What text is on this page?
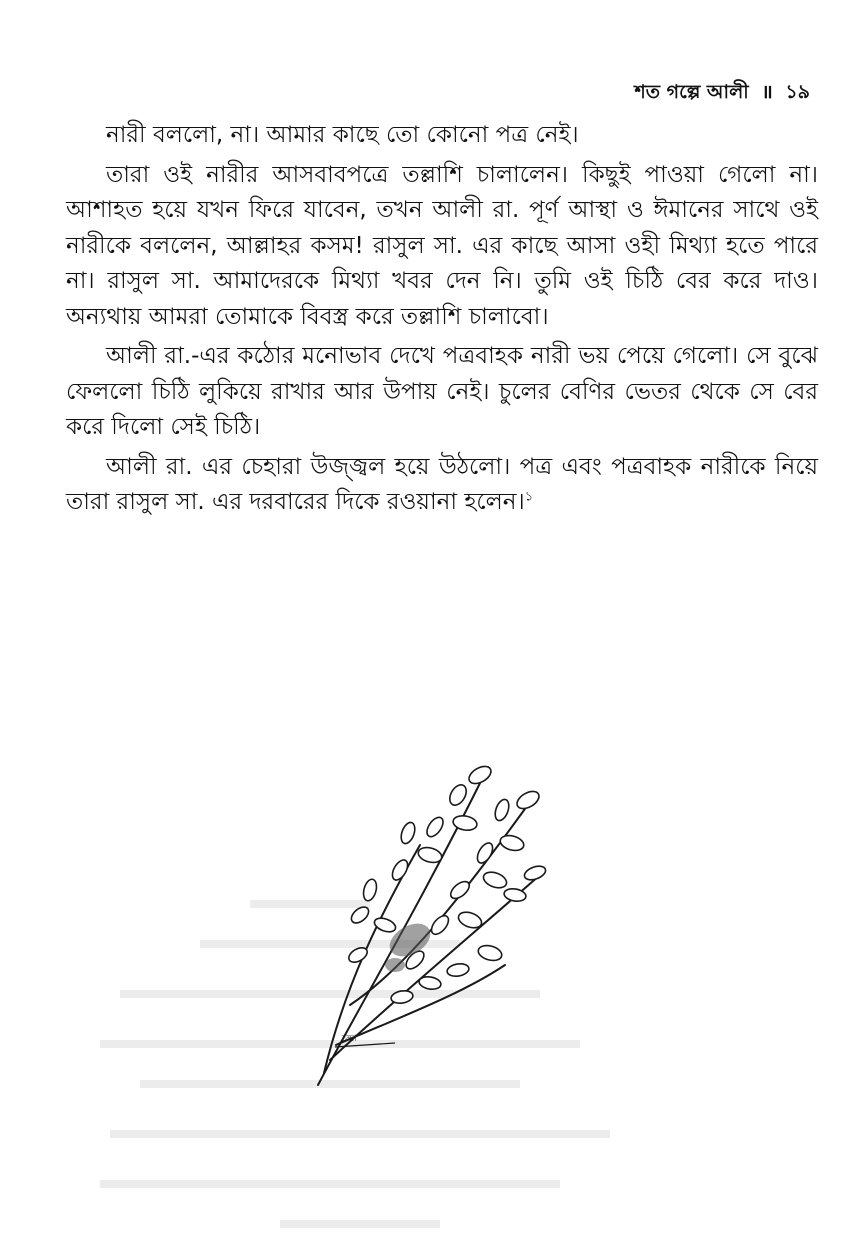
শত গল্পে আলী ॥ ১৯

নারী বললো, না। আমার কাছে তো কোনো পত্র নেই।

তারা ওই নারীর আসবাবপত্রে তল্লাশি চালালেন। কিছুই পাওয়া গেলো না। আশাহত হয়ে যখন ফিরে যাবেন, তখন আলী রা. পূর্ণ আস্থা ও ঈমানের সাথে ওই নারীকে বললেন, আল্লাহর কসম! রাসুল সা. এর কাছে আসা ওহী মিথ্যা হতে পারে না। রাসুল সা. আমাদেরকে মিথ্যা খবর দেন নি। তুমি ওই চিঠি বের করে দাও। অন্যথায় আমরা তোমাকে বিবস্ত্র করে তল্লাশি চালাবো।

আলী রা.-এর কঠোর মনোভাব দেখে পত্রবাহক নারী ভয় পেয়ে গেলো। সে বুঝে ফেললো চিঠি লুকিয়ে রাখার আর উপায় নেই। চুলের বেণির ভেতর থেকে সে বের করে দিলো সেই চিঠি।

আলী রা. এর চেহারা উজ্জ্বল হয়ে উঠলো। পত্র এবং পত্রবাহক নারীকে নিয়ে তারা রাসুল সা. এর দরবারের দিকে রওয়ানা হলেন।$^১$

চন্দ্রা
